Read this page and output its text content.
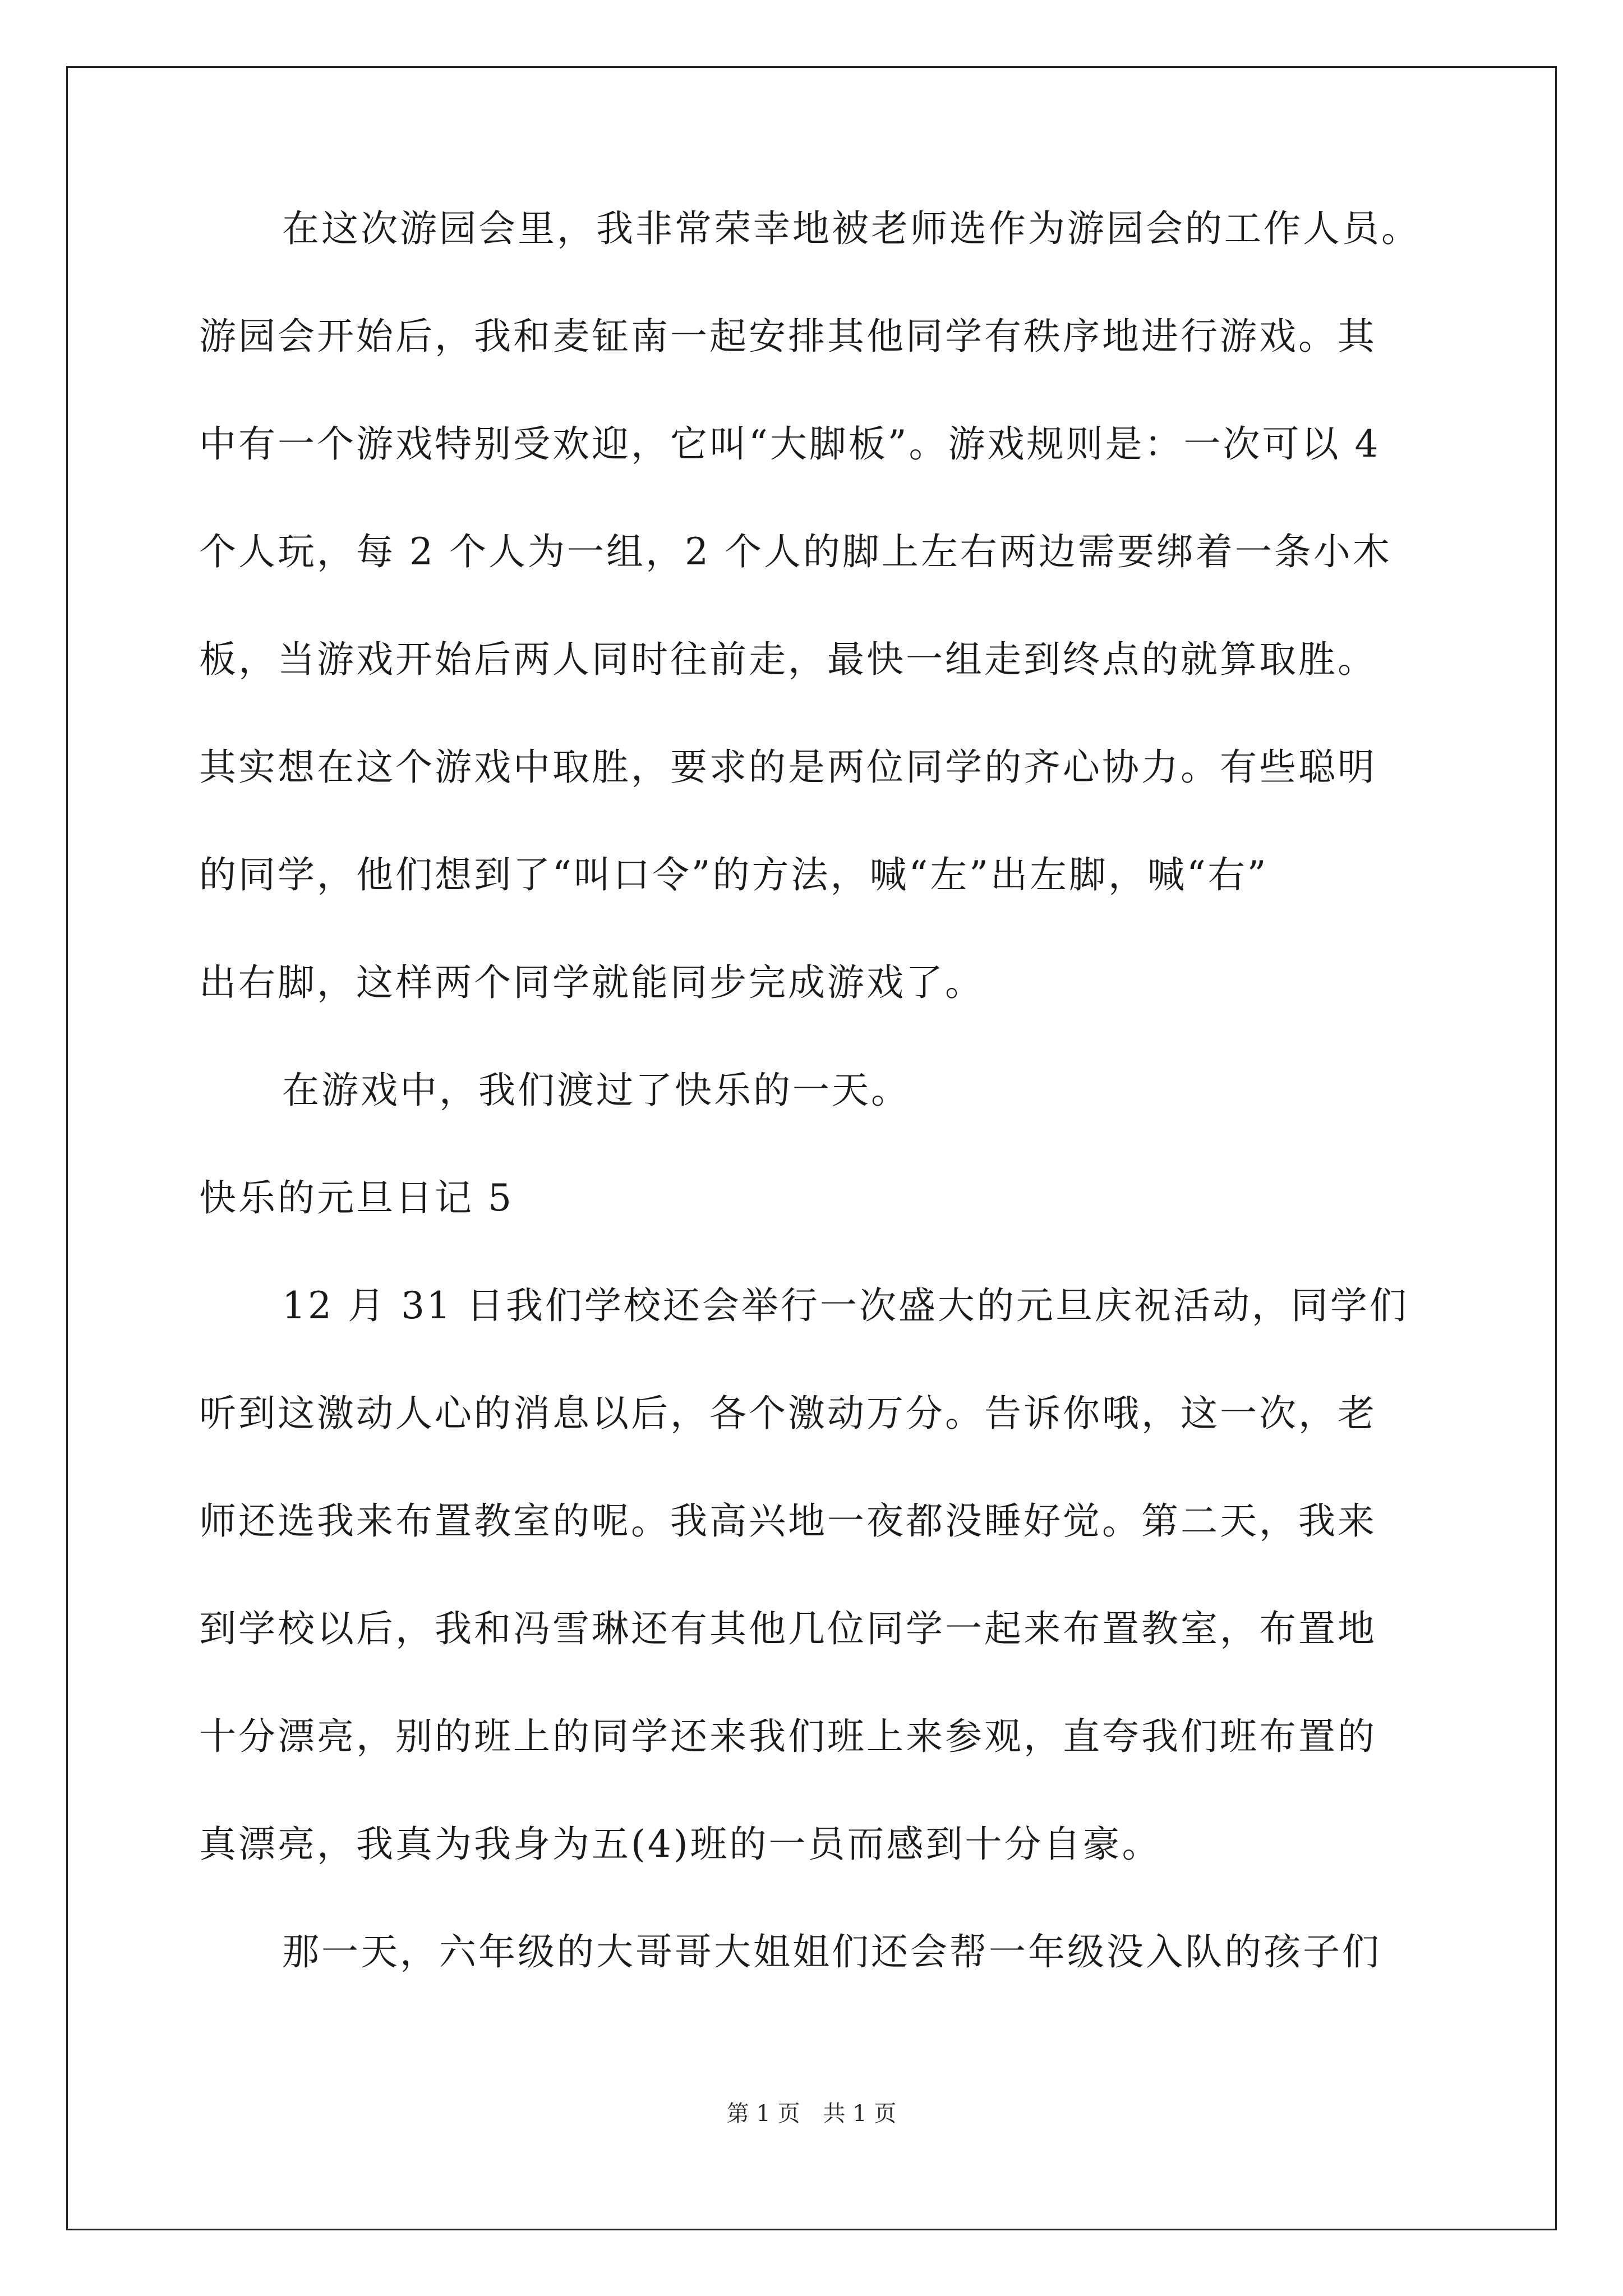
在这次游园会里，我非常荣幸地被老师选作为游园会的工作人员。
游园会开始后，我和麦钲南一起安排其他同学有秩序地进行游戏。其
中有一个游戏特别受欢迎，它叫“大脚板”。游戏规则是：一次可以 4
个人玩，每 2 个人为一组，2 个人的脚上左右两边需要绑着一条小木
板，当游戏开始后两人同时往前走，最快一组走到终点的就算取胜。
其实想在这个游戏中取胜，要求的是两位同学的齐心协力。有些聪明
的同学，他们想到了“叫口令”的方法，喊“左”出左脚，喊“右”
出右脚，这样两个同学就能同步完成游戏了。
在游戏中，我们渡过了快乐的一天。
快乐的元旦日记 5
12 月 31 日我们学校还会举行一次盛大的元旦庆祝活动，同学们
听到这激动人心的消息以后，各个激动万分。告诉你哦，这一次，老
师还选我来布置教室的呢。我高兴地一夜都没睡好觉。第二天，我来
到学校以后，我和冯雪琳还有其他几位同学一起来布置教室，布置地
十分漂亮，别的班上的同学还来我们班上来参观，直夸我们班布置的
真漂亮，我真为我身为五(4)班的一员而感到十分自豪。
那一天，六年级的大哥哥大姐姐们还会帮一年级没入队的孩子们
第 1 页 共 1 页
